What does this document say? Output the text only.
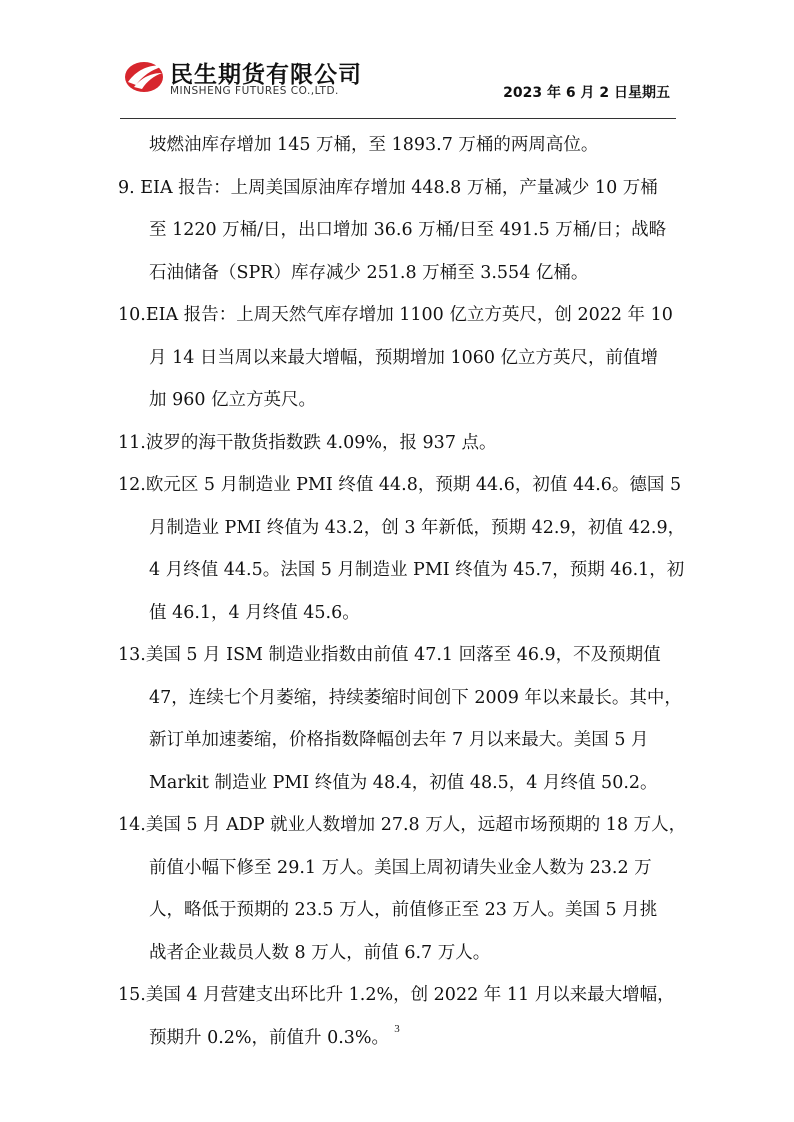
民生期货有限公司
MINSHENG FUTURES CO.,LTD.	2023 年 6 月 2 日星期五
坡燃油库存增加 145 万桶，至 1893.7 万桶的两周高位。
9. EIA 报告：上周美国原油库存增加 448.8 万桶，产量减少 10 万桶
至 1220 万桶/日，出口增加 36.6 万桶/日至 491.5 万桶/日；战略
石油储备（SPR）库存减少 251.8 万桶至 3.554 亿桶。
10.EIA 报告：上周天然气库存增加 1100 亿立方英尺，创 2022 年 10
月 14 日当周以来最大增幅，预期增加 1060 亿立方英尺，前值增
加 960 亿立方英尺。
11.波罗的海干散货指数跌 4.09%，报 937 点。
12.欧元区 5 月制造业 PMI 终值 44.8，预期 44.6，初值 44.6。德国 5
月制造业 PMI 终值为 43.2，创 3 年新低，预期 42.9，初值 42.9，
4 月终值 44.5。法国 5 月制造业 PMI 终值为 45.7，预期 46.1，初
值 46.1，4 月终值 45.6。
13.美国 5 月 ISM 制造业指数由前值 47.1 回落至 46.9，不及预期值
47，连续七个月萎缩，持续萎缩时间创下 2009 年以来最长。其中，
新订单加速萎缩，价格指数降幅创去年 7 月以来最大。美国 5 月
Markit 制造业 PMI 终值为 48.4，初值 48.5，4 月终值 50.2。
14.美国 5 月 ADP 就业人数增加 27.8 万人，远超市场预期的 18 万人，
前值小幅下修至 29.1 万人。美国上周初请失业金人数为 23.2 万
人，略低于预期的 23.5 万人，前值修正至 23 万人。美国 5 月挑
战者企业裁员人数 8 万人，前值 6.7 万人。
15.美国 4 月营建支出环比升 1.2%，创 2022 年 11 月以来最大增幅，
预期升 0.2%，前值升 0.3%。 3
